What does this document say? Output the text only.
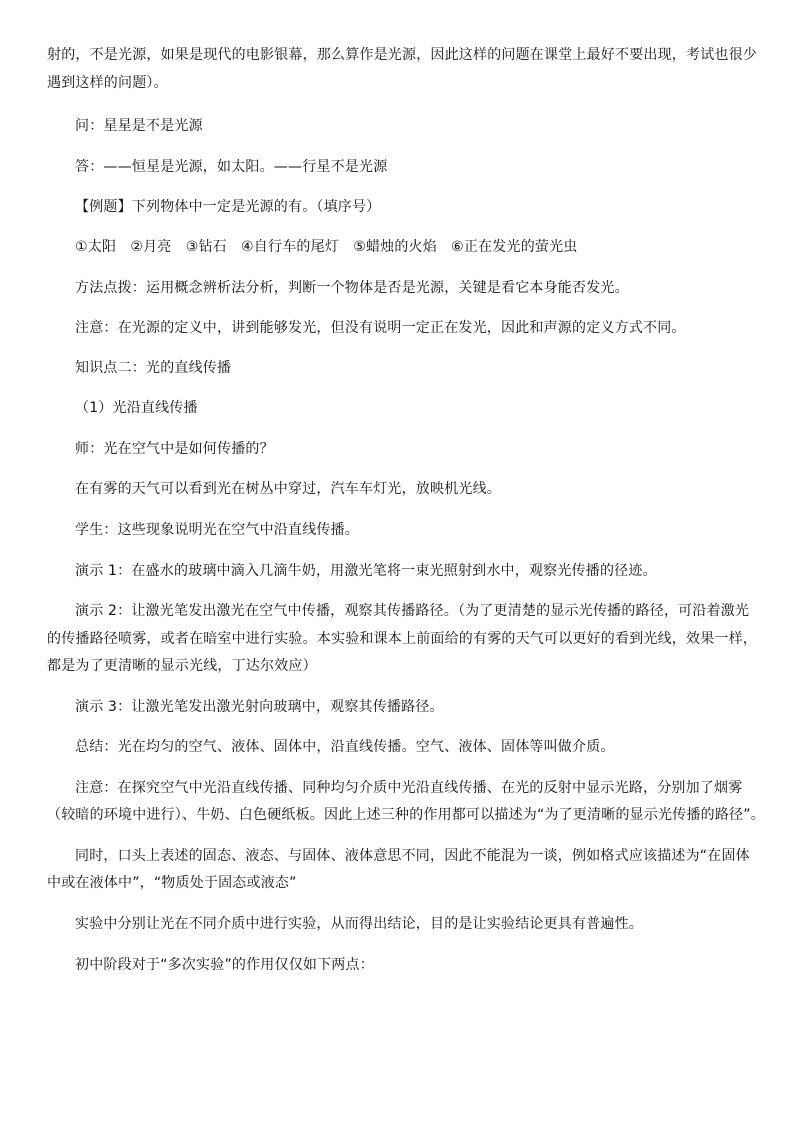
射的，不是光源，如果是现代的电影银幕，那么算作是光源，因此这样的问题在课堂上最好不要出现，考试也很少
遇到这样的问题）。
问：星星是不是光源
答：——恒星是光源，如太阳。——行星不是光源
【例题】下列物体中一定是光源的有。（填序号）
①太阳　②月亮　③钻石　④自行车的尾灯　⑤蜡烛的火焰　⑥正在发光的萤光虫
方法点拨：运用概念辨析法分析，判断一个物体是否是光源，关键是看它本身能否发光。
注意：在光源的定义中，讲到能够发光，但没有说明一定正在发光，因此和声源的定义方式不同。
知识点二：光的直线传播
（1）光沿直线传播
师：光在空气中是如何传播的？
在有雾的天气可以看到光在树丛中穿过，汽车车灯光，放映机光线。
学生：这些现象说明光在空气中沿直线传播。
演示 1：在盛水的玻璃中滴入几滴牛奶，用激光笔将一束光照射到水中，观察光传播的径迹。
演示 2：让激光笔发出激光在空气中传播，观察其传播路径。（为了更清楚的显示光传播的路径，可沿着激光
的传播路径喷雾，或者在暗室中进行实验。本实验和课本上前面给的有雾的天气可以更好的看到光线，效果一样，
都是为了更清晰的显示光线，丁达尔效应）
演示 3：让激光笔发出激光射向玻璃中，观察其传播路径。
总结：光在均匀的空气、液体、固体中，沿直线传播。空气、液体、固体等叫做介质。
注意：在探究空气中光沿直线传播、同种均匀介质中光沿直线传播、在光的反射中显示光路，分别加了烟雾
（较暗的环境中进行）、牛奶、白色硬纸板。因此上述三种的作用都可以描述为“为了更清晰的显示光传播的路径”。
同时，口头上表述的固态、液态、与固体、液体意思不同，因此不能混为一谈，例如格式应该描述为“在固体
中或在液体中”，“物质处于固态或液态”
实验中分别让光在不同介质中进行实验，从而得出结论，目的是让实验结论更具有普遍性。
初中阶段对于“多次实验”的作用仅仅如下两点：
